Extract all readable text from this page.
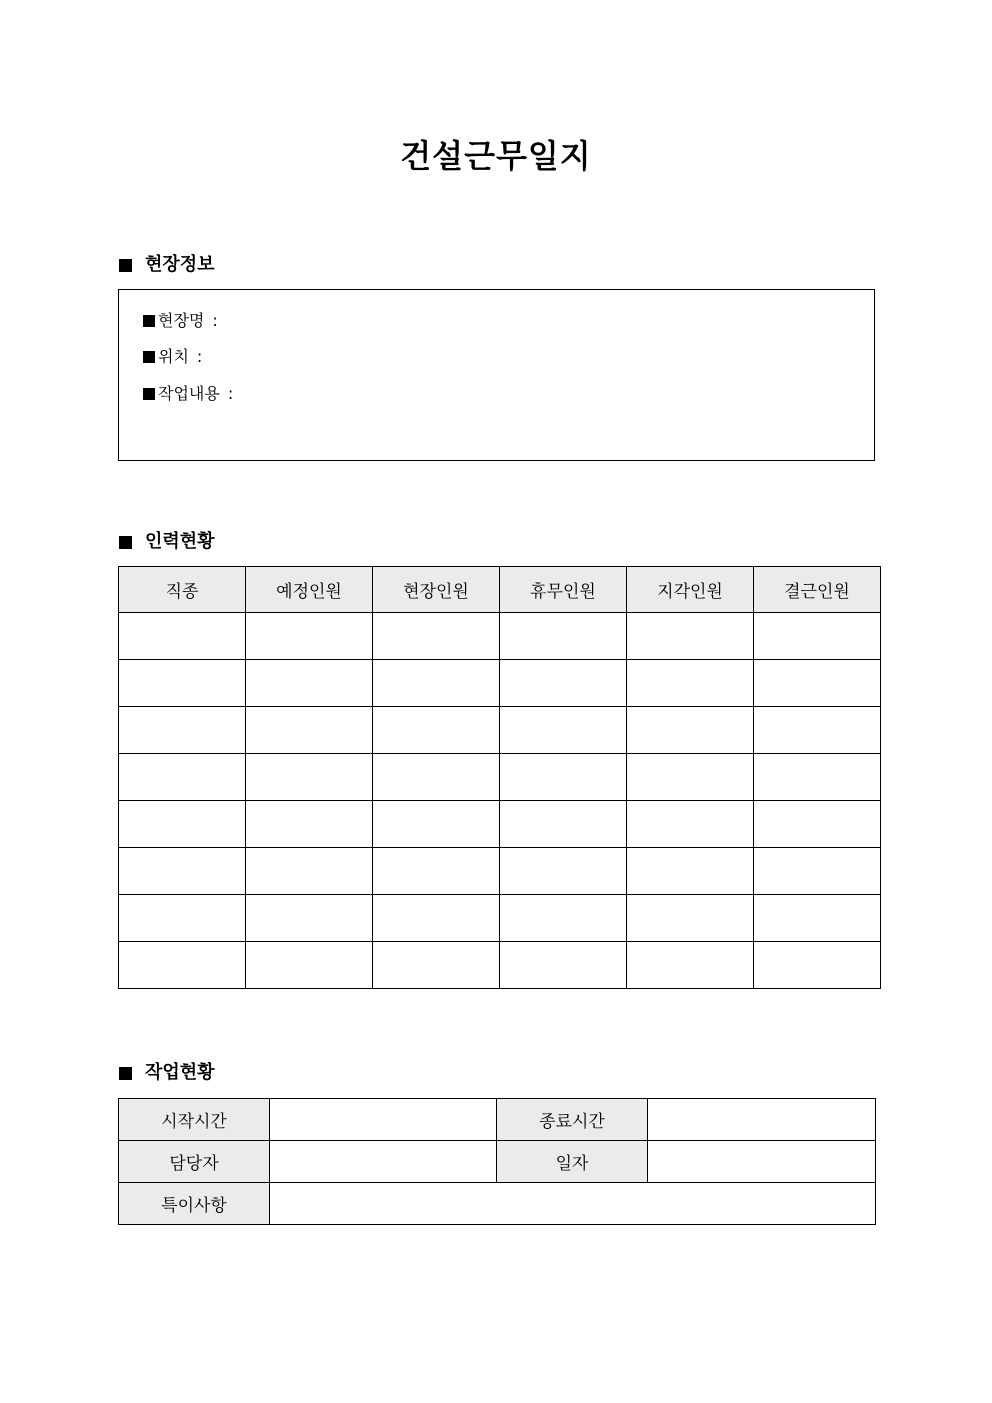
건설근무일지
현장정보
현장명 :
위치 :
작업내용 :
인력현황
직종	예정인원	현장인원	휴무인원	지각인원	결근인원

작업현황
시작시간		종료시간	
담당자		일자	
특이사항			
